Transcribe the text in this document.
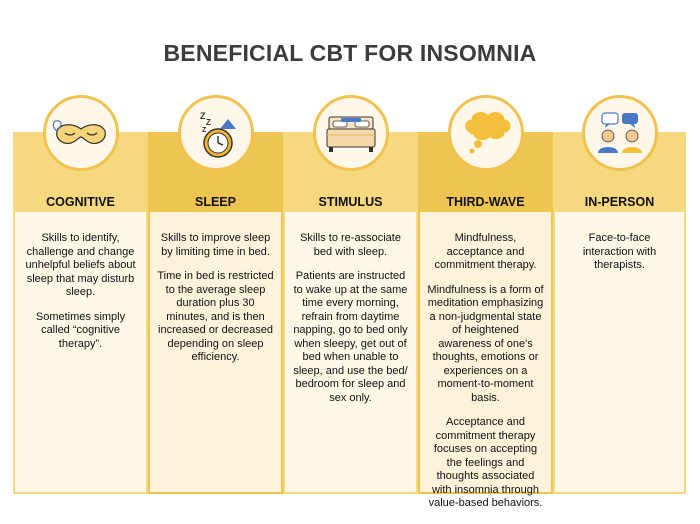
BENEFICIAL CBT FOR INSOMNIA
COGNITIVE

Skills to identify, challenge and change unhelpful beliefs about sleep that may disturb sleep.

Sometimes simply called “cognitive therapy”.

Z
Z
Z
SLEEP

Skills to improve sleep by limiting time in bed.

Time in bed is restricted to the average sleep duration plus 30 minutes, and is then increased or decreased depending on sleep efficiency.

STIMULUS

Skills to re-associate bed with sleep.

Patients are instructed to wake up at the same time every morning, refrain from daytime napping, go to bed only when sleepy, get out of bed when unable to sleep, and use the bed/ bedroom for sleep and sex only.

THIRD-WAVE

Mindfulness, acceptance and commitment therapy.

Mindfulness is a form of meditation emphasizing a non-judgmental state of heightened awareness of one's thoughts, emotions or experiences on a moment-to-moment basis.

Acceptance and commitment therapy focuses on accepting the feelings and thoughts associated with insomnia through value-based behaviors.

IN-PERSON

Face-to-face interaction with therapists.
